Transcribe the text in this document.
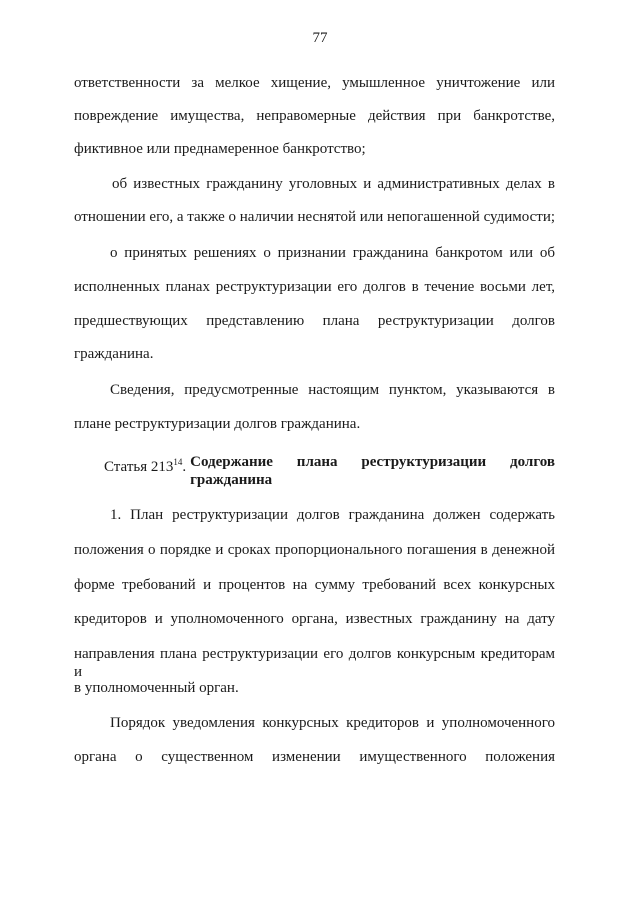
77
ответственности за мелкое хищение, умышленное уничтожение или
повреждение имущества, неправомерные действия при банкротстве,
фиктивное или преднамеренное банкротство;
об известных гражданину уголовных и административных делах в
отношении его, а также о наличии неснятой или непогашенной судимости;
о принятых решениях о признании гражданина банкротом или об
исполненных планах реструктуризации его долгов в течение восьми лет,
предшествующих представлению плана реструктуризации долгов
гражданина.
Сведения, предусмотренные настоящим пунктом, указываются в
плане реструктуризации долгов гражданина.
Статья $213^{14}$. Содержание плана реструктуризации долгов
гражданина
1. План реструктуризации долгов гражданина должен содержать
положения о порядке и сроках пропорционального погашения в денежной
форме требований и процентов на сумму требований всех конкурсных
кредиторов и уполномоченного органа, известных гражданину на дату
направления плана реструктуризации его долгов конкурсным кредиторам и
в уполномоченный орган.
Порядок уведомления конкурсных кредиторов и уполномоченного
органа о существенном изменении имущественного положения
